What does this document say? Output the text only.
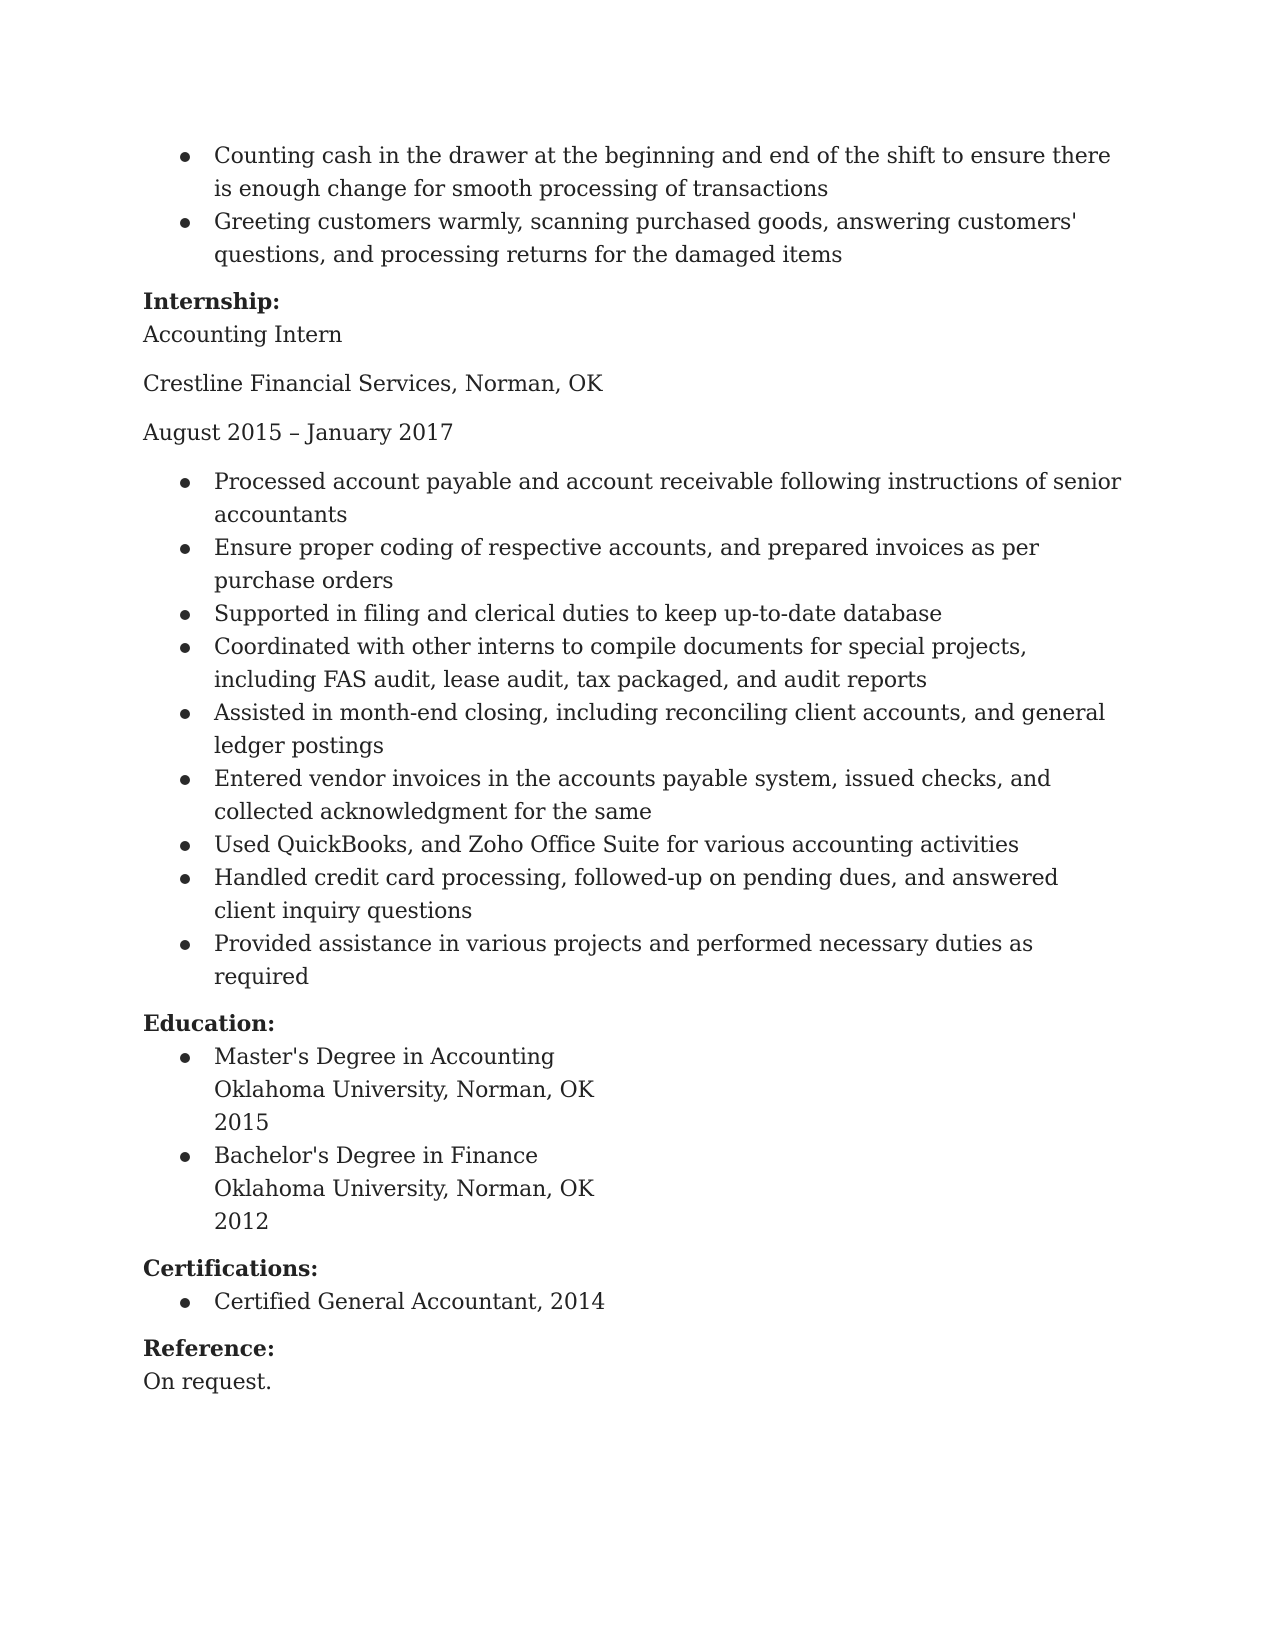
Counting cash in the drawer at the beginning and end of the shift to ensure there is enough change for smooth processing of transactions
Greeting customers warmly, scanning purchased goods, answering customers' questions, and processing returns for the damaged items

Internship:

Accounting Intern

Crestline Financial Services, Norman, OK

August 2015 – January 2017

Processed account payable and account receivable following instructions of senior accountants
Ensure proper coding of respective accounts, and prepared invoices as per purchase orders
Supported in filing and clerical duties to keep up-to-date database
Coordinated with other interns to compile documents for special projects, including FAS audit, lease audit, tax packaged, and audit reports
Assisted in month-end closing, including reconciling client accounts, and general ledger postings
Entered vendor invoices in the accounts payable system, issued checks, and collected acknowledgment for the same
Used QuickBooks, and Zoho Office Suite for various accounting activities
Handled credit card processing, followed-up on pending dues, and answered client inquiry questions
Provided assistance in various projects and performed necessary duties as required

Education:

Master's Degree in Accounting
Oklahoma University, Norman, OK
2015
Bachelor's Degree in Finance
Oklahoma University, Norman, OK
2012

Certifications:

Certified General Accountant, 2014

Reference:

On request.
